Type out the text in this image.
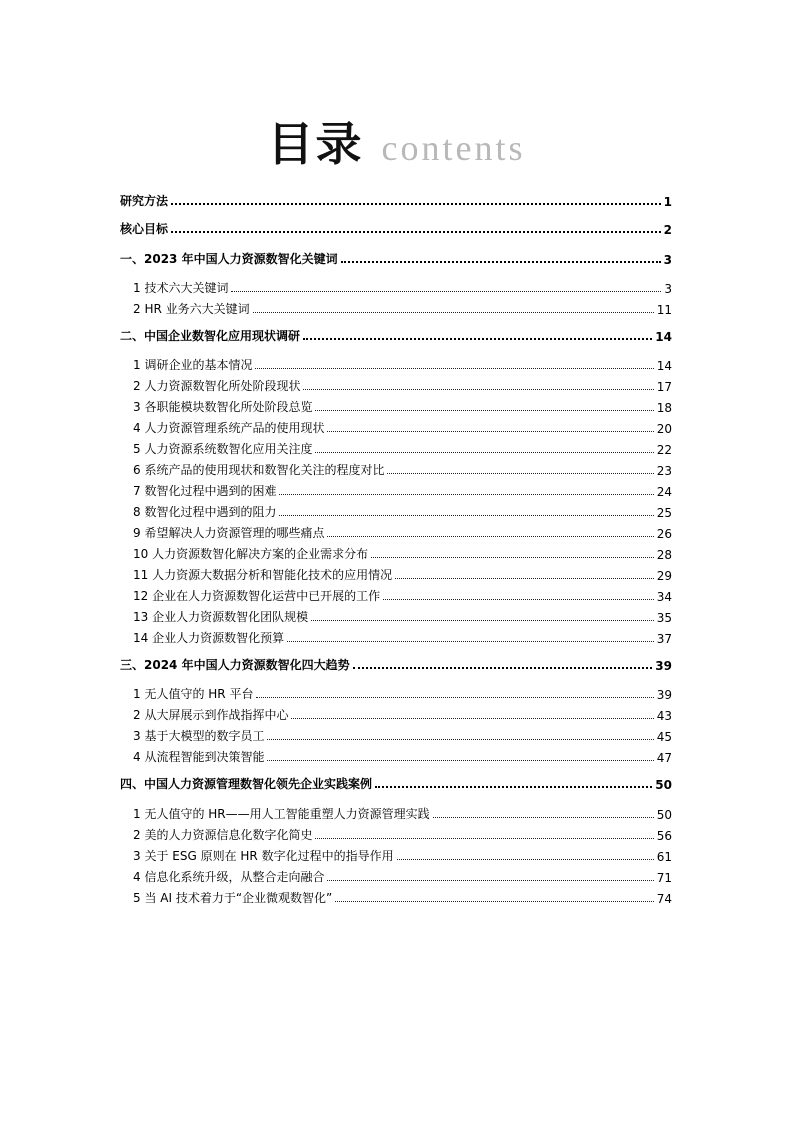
目录 contents
研究方法	1
核心目标	2
一、2023 年中国人力资源数智化关键词	3
1 技术六大关键词	3
2 HR 业务六大关键词	11
二、中国企业数智化应用现状调研	14
1 调研企业的基本情况	14
2 人力资源数智化所处阶段现状	17
3 各职能模块数智化所处阶段总览	18
4 人力资源管理系统产品的使用现状	20
5 人力资源系统数智化应用关注度	22
6 系统产品的使用现状和数智化关注的程度对比	23
7 数智化过程中遇到的困难	24
8 数智化过程中遇到的阻力	25
9 希望解决人力资源管理的哪些痛点	26
10 人力资源数智化解决方案的企业需求分布	28
11 人力资源大数据分析和智能化技术的应用情况	29
12 企业在人力资源数智化运营中已开展的工作	34
13 企业人力资源数智化团队规模	35
14 企业人力资源数智化预算	37
三、2024 年中国人力资源数智化四大趋势	39
1 无人值守的 HR 平台	39
2 从大屏展示到作战指挥中心	43
3 基于大模型的数字员工	45
4 从流程智能到决策智能	47
四、中国人力资源管理数智化领先企业实践案例	50
1 无人值守的 HR——用人工智能重塑人力资源管理实践	50
2 美的人力资源信息化数字化简史	56
3 关于 ESG 原则在 HR 数字化过程中的指导作用	61
4 信息化系统升级，从整合走向融合	71
5 当 AI 技术着力于“企业微观数智化”	74
